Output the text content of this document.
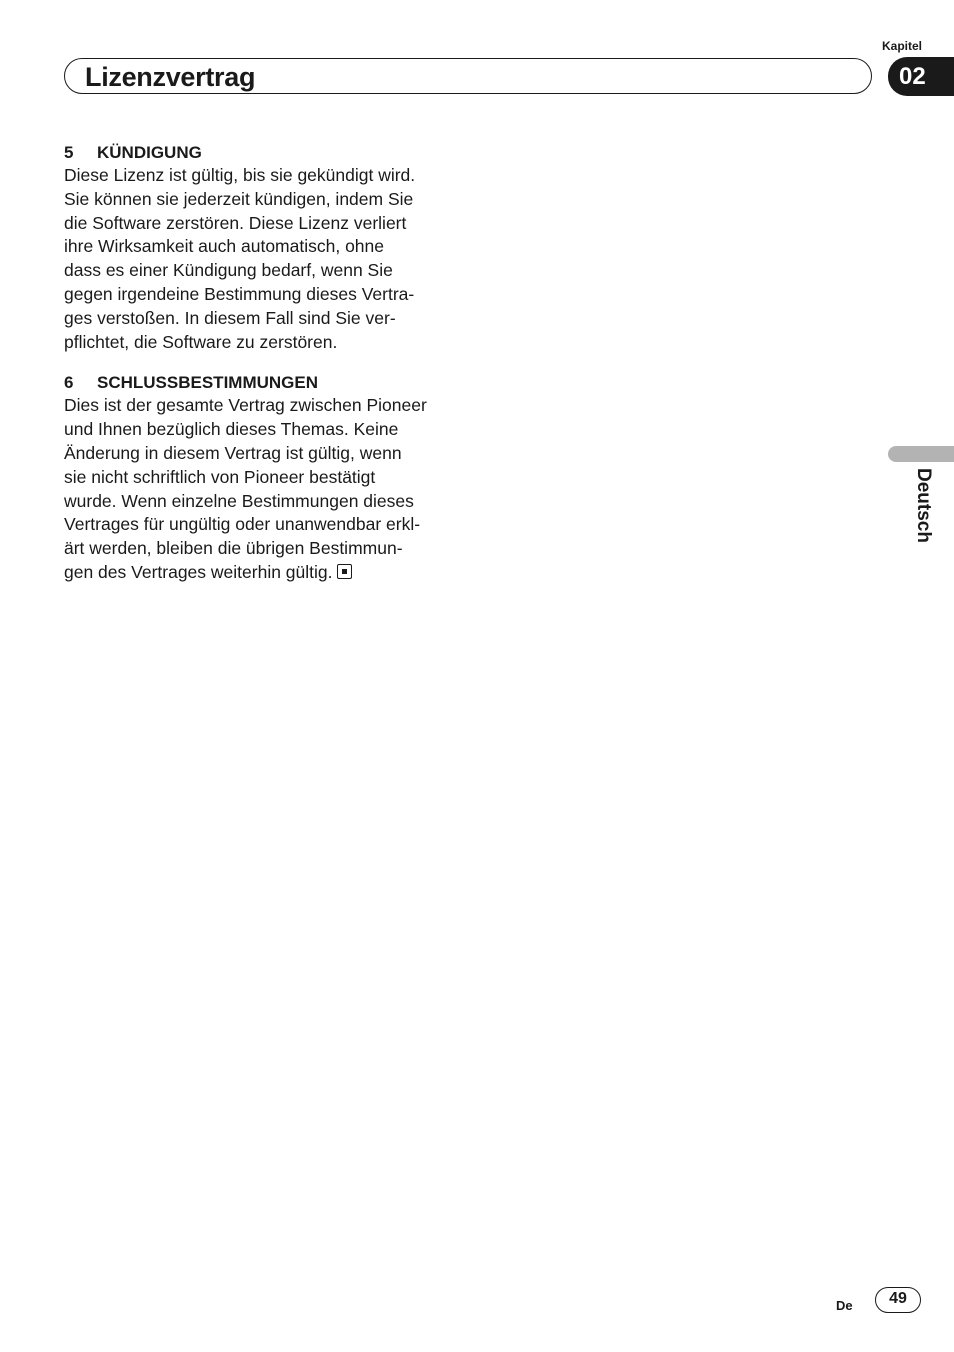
Lizenzvertrag
Kapitel
02
5	KÜNDIGUNG
Diese Lizenz ist gültig, bis sie gekündigt wird.
Sie können sie jederzeit kündigen, indem Sie
die Software zerstören. Diese Lizenz verliert
ihre Wirksamkeit auch automatisch, ohne
dass es einer Kündigung bedarf, wenn Sie
gegen irgendeine Bestimmung dieses Vertra-
ges verstoßen. In diesem Fall sind Sie ver-
pflichtet, die Software zu zerstören.
6	SCHLUSSBESTIMMUNGEN
Dies ist der gesamte Vertrag zwischen Pioneer
und Ihnen bezüglich dieses Themas. Keine
Änderung in diesem Vertrag ist gültig, wenn
sie nicht schriftlich von Pioneer bestätigt
wurde. Wenn einzelne Bestimmungen dieses
Vertrages für ungültig oder unanwendbar erkl-
ärt werden, bleiben die übrigen Bestimmun-
gen des Vertrages weiterhin gültig.
Deutsch
De	49
